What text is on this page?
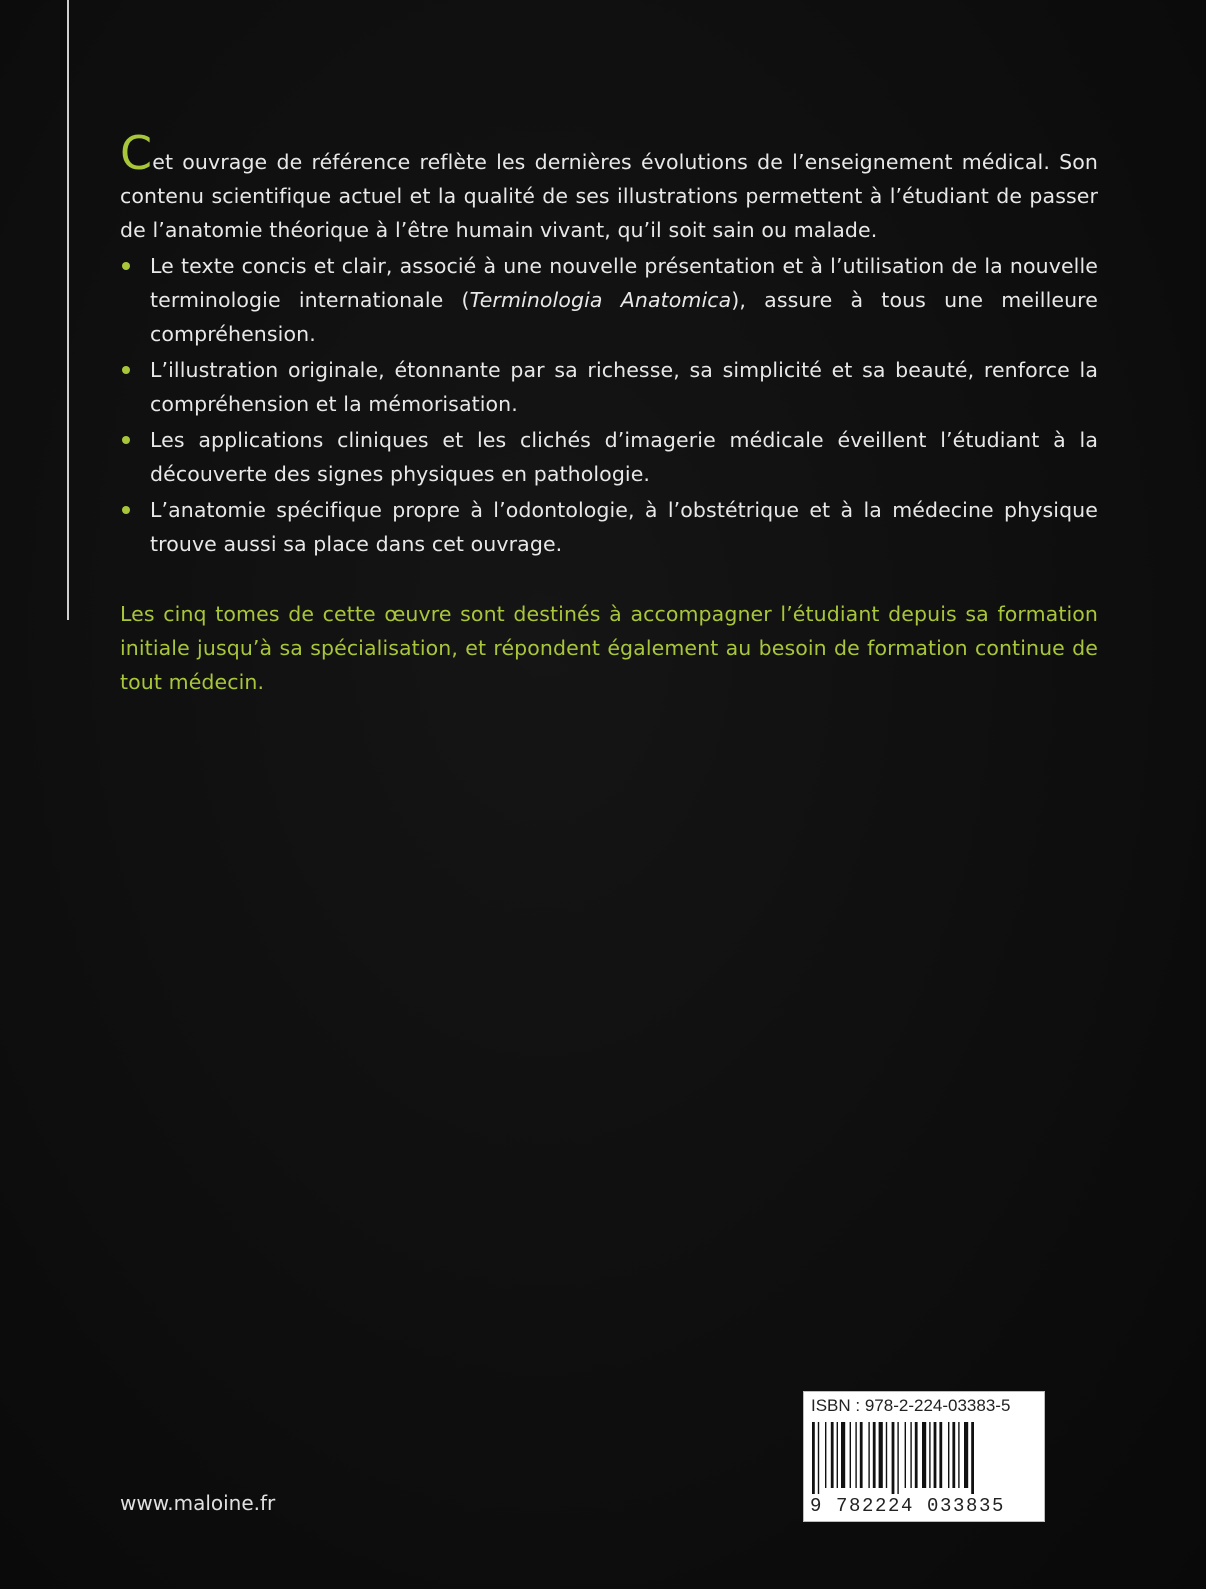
Cet ouvrage de référence reflète les dernières évolutions de l’enseignement médical. Son contenu scientifique actuel et la qualité de ses illustrations permettent à l’étudiant de passer de l’anatomie théorique à l’être humain vivant, qu’il soit sain ou malade.

Le texte concis et clair, associé à une nouvelle présentation et à l’utilisation de la nouvelle terminologie internationale (Terminologia Anatomica), assure à tous une meilleure compréhension.
L’illustration originale, étonnante par sa richesse, sa simplicité et sa beauté, renforce la compréhension et la mémorisation.
Les applications cliniques et les clichés d’imagerie médicale éveillent l’étudiant à la découverte des signes physiques en pathologie.
L’anatomie spécifique propre à l’odontologie, à l’obstétrique et à la médecine physique trouve aussi sa place dans cet ouvrage.

Les cinq tomes de cette œuvre sont destinés à accompagner l’étudiant depuis sa formation initiale jusqu’à sa spécialisation, et répondent également au besoin de formation continue de tout médecin.

www.maloine.fr
ISBN : 978-2-224-03383-5
9 782224 033835
